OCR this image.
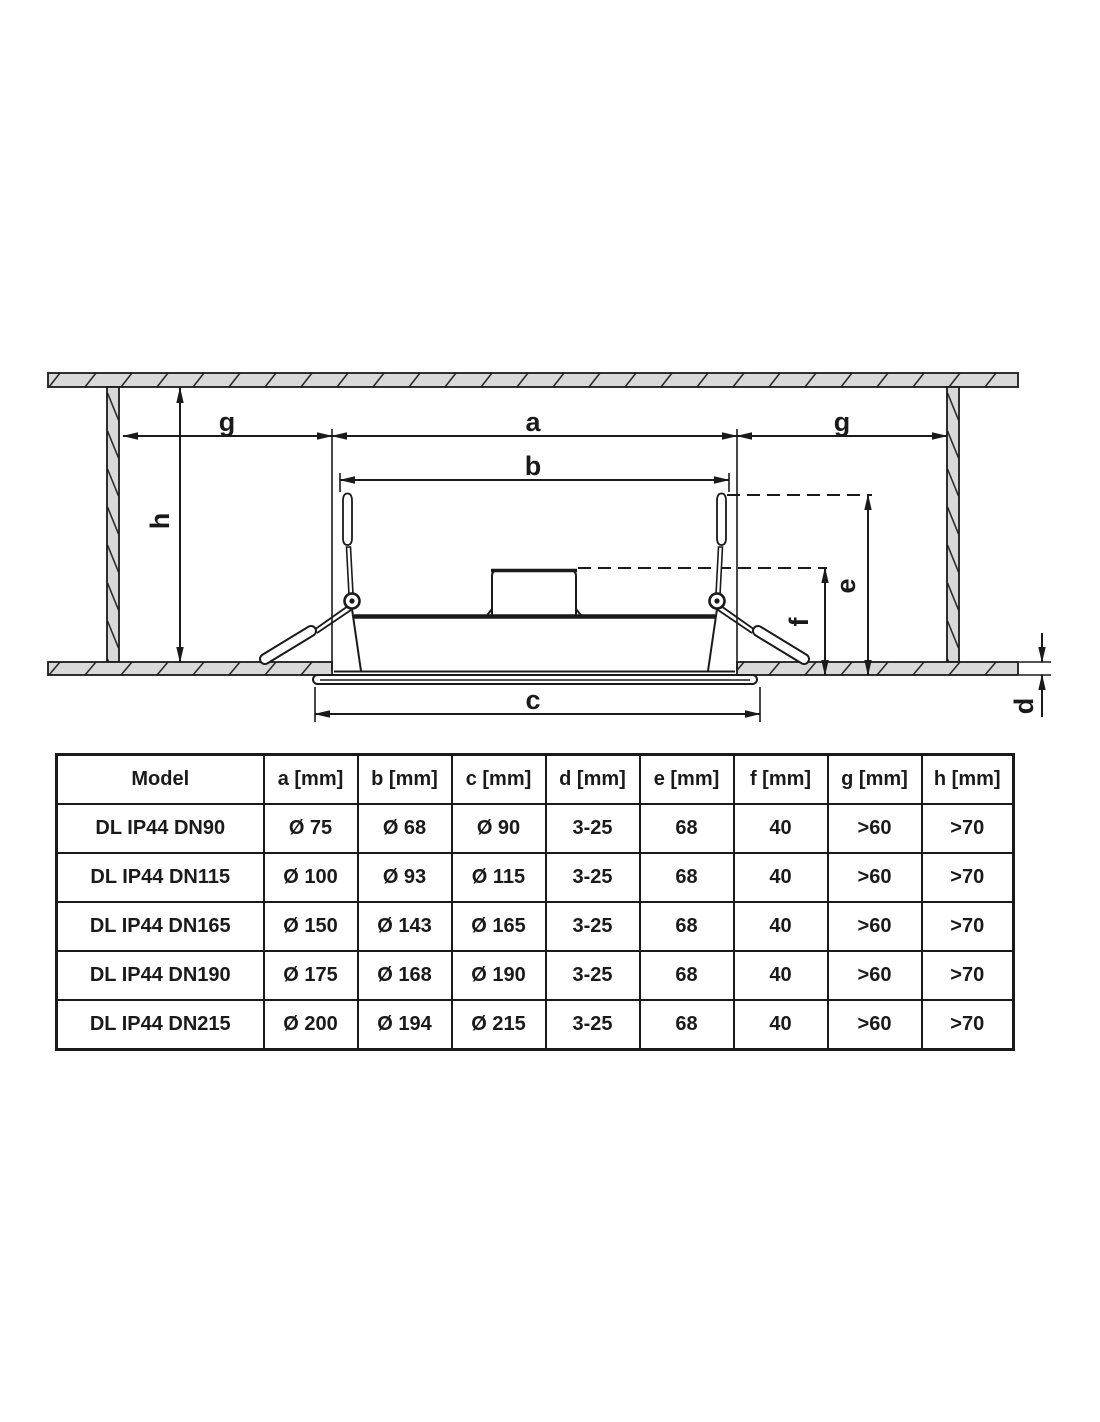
g	a	g
b
h
e
f
c	d
Model	a [mm]	b [mm]	c [mm]	d [mm]	e [mm]	f [mm]	g [mm]	h [mm]
DL IP44 DN90	Ø 75	Ø 68	Ø 90	3-25	68	40	>60	>70
DL IP44 DN115	Ø 100	Ø 93	Ø 115	3-25	68	40	>60	>70
DL IP44 DN165	Ø 150	Ø 143	Ø 165	3-25	68	40	>60	>70
DL IP44 DN190	Ø 175	Ø 168	Ø 190	3-25	68	40	>60	>70
DL IP44 DN215	Ø 200	Ø 194	Ø 215	3-25	68	40	>60	>70
